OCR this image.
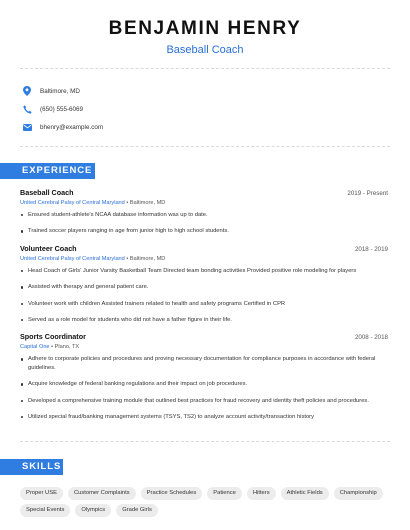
BENJAMIN HENRY
Baseball Coach
Baltimore, MD
(650) 555-6069
bhenry@example.com
EXPERIENCE
Baseball Coach	2019 - Present
United Cerebral Palsy of Central Maryland • Baltimore, MD
Ensured student-athlete's NCAA database information was up to date.
Trained soccer players ranging in age from junior high to high school students.
Volunteer Coach	2018 - 2019
United Cerebral Palsy of Central Maryland • Baltimore, MD
Head Coach of Girls' Junior Varsity Basketball Team Directed team bonding activities Provided positive role modeling for players
Assisted with therapy and general patient care.
Volunteer work with children Assisted trainers related to health and safety programs Certified in CPR
Served as a role model for students who did not have a father figure in their life.
Sports Coordinator	2008 - 2018
Capital One • Plano, TX
Adhere to corporate policies and procedures and proving necessary documentation for compliance purposes in accordance with federal guidelines.
Acquire knowledge of federal banking regulations and their impact on job procedures.
Developed a comprehensive training module that outlined best practices for fraud recovery and identity theft policies and procedures.
Utilized special fraud/banking management systems (TSYS, TS2) to analyze account activity/transaction history
SKILLS
Proper USE	Customer Complaints	Practice Schedules	Patience	Hitters	Athletic Fields	Championship
Special Events	Olympics	Grade Girls
